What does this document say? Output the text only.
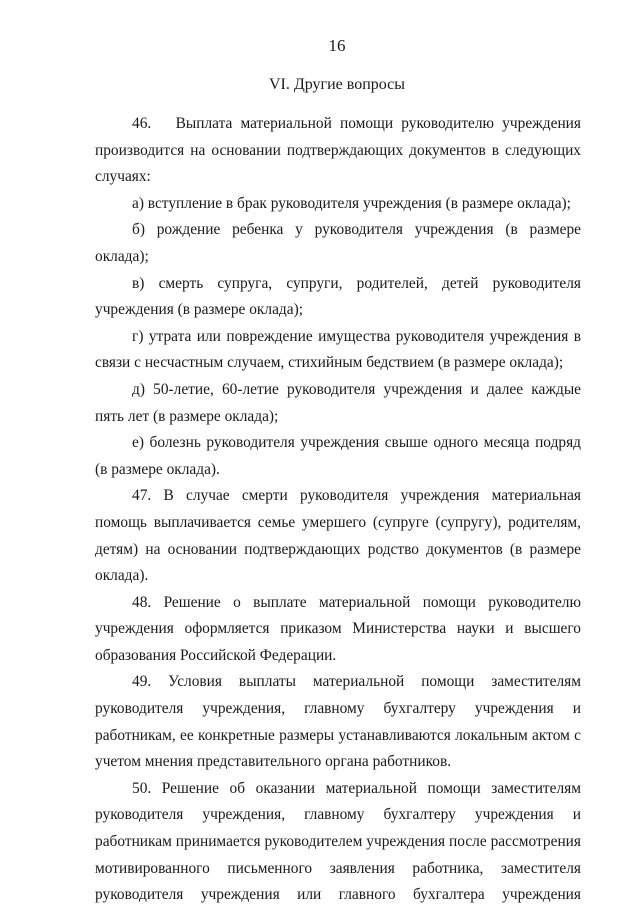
16
VI. Другие вопросы

46.   Выплата материальной помощи руководителю учреждения производится на основании подтверждающих документов в следующих случаях:

а) вступление в брак руководителя учреждения (в размере оклада);

б) рождение ребенка у руководителя учреждения (в размере оклада);

в) смерть супруга, супруги, родителей, детей руководителя учреждения (в размере оклада);

г) утрата или повреждение имущества руководителя учреждения в связи с несчастным случаем, стихийным бедствием (в размере оклада);

д) 50-летие, 60-летие руководителя учреждения и далее каждые пять лет (в размере оклада);

е) болезнь руководителя учреждения свыше одного месяца подряд (в размере оклада).

47. В случае смерти руководителя учреждения материальная помощь выплачивается семье умершего (супруге (супругу), родителям, детям) на основании подтверждающих родство документов (в размере оклада).

48. Решение о выплате материальной помощи руководителю учреждения оформляется приказом Министерства науки и высшего образования Российской Федерации.

49. Условия выплаты материальной помощи заместителям руководителя учреждения, главному бухгалтеру учреждения и работникам, ее конкретные размеры устанавливаются локальным актом с учетом мнения представительного органа работников.

50. Решение об оказании материальной помощи заместителям руководителя учреждения, главному бухгалтеру учреждения и работникам принимается руководителем учреждения после рассмотрения мотивированного письменного заявления работника, заместителя руководителя учреждения или главного бухгалтера учреждения
